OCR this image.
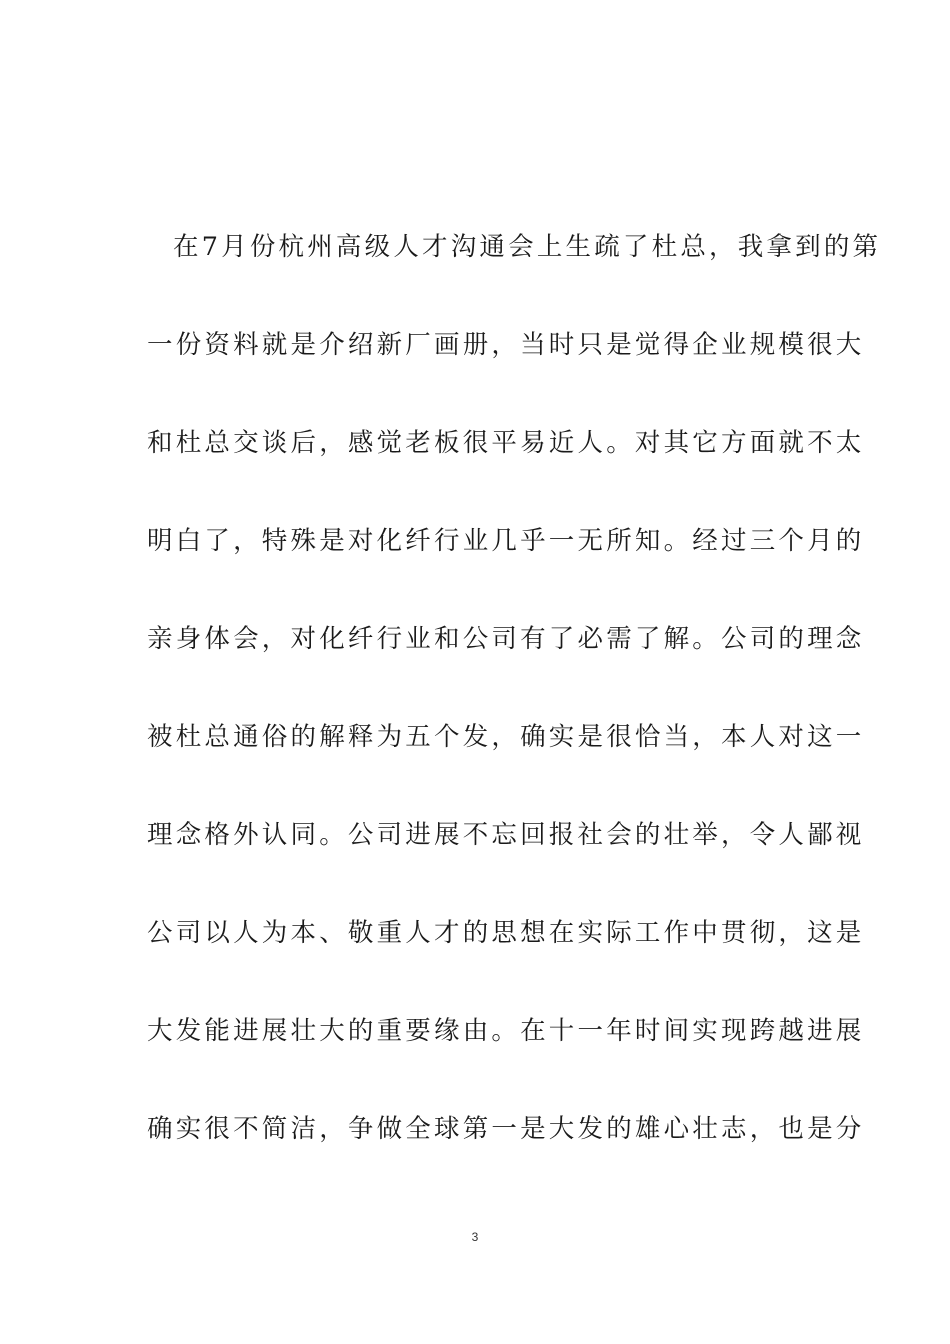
在7月份杭州高级人才沟通会上生疏了杜总，我拿到的第
一份资料就是介绍新厂画册，当时只是觉得企业规模很大
和杜总交谈后，感觉老板很平易近人。对其它方面就不太
明白了，特殊是对化纤行业几乎一无所知。经过三个月的
亲身体会，对化纤行业和公司有了必需了解。公司的理念
被杜总通俗的解释为五个发，确实是很恰当，本人对这一
理念格外认同。公司进展不忘回报社会的壮举，令人鄙视
公司以人为本、敬重人才的思想在实际工作中贯彻，这是
大发能进展壮大的重要缘由。在十一年时间实现跨越进展
确实很不简洁，争做全球第一是大发的雄心壮志，也是分
3
